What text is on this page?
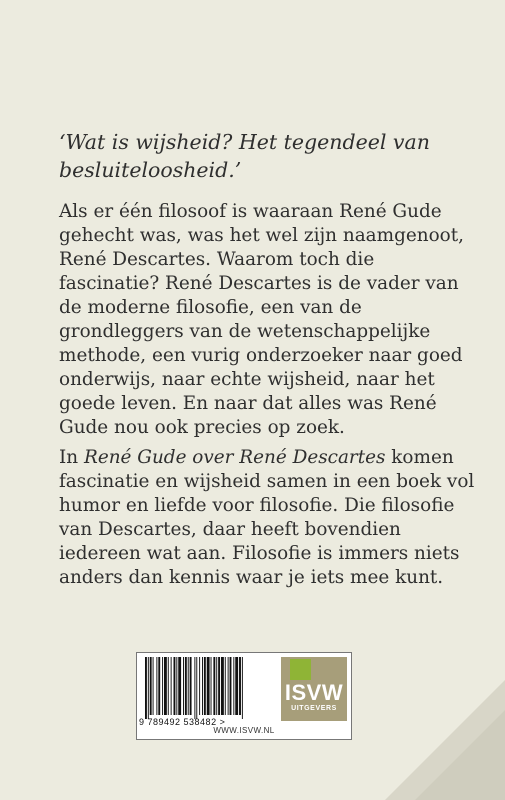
‘Wat is wijsheid? Het tegendeel van besluiteloosheid.’

Als er één filosoof is waaraan René Gude gehecht was, was het wel zijn naamgenoot, René Descartes. Waarom toch die fascinatie? René Descartes is de vader van de moderne filosofie, een van de grondleggers van de wetenschappelijke methode, een vurig onderzoeker naar goed onderwijs, naar echte wijsheid, naar het goede leven. En naar dat alles was René Gude nou ook precies op zoek.

In René Gude over René Descartes komen fascinatie en wijsheid samen in een boek vol humor en liefde voor filosofie. Die filosofie van Descartes, daar heeft bovendien iedereen wat aan. Filosofie is immers niets anders dan kennis waar je iets mee kunt.

9 789492 538482 >
ISVW
UITGEVERS
WWW.ISVW.NL
